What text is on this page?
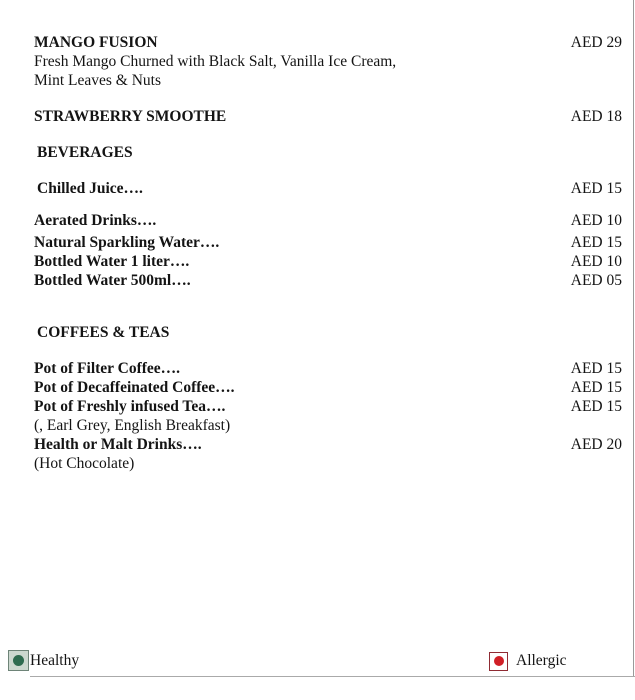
MANGO FUSION	AED 29
Fresh Mango Churned with Black Salt, Vanilla Ice Cream,
Mint Leaves & Nuts
STRAWBERRY SMOOTHE	AED 18
BEVERAGES
Chilled Juice….	AED 15
Aerated Drinks….	AED 10
Natural Sparkling Water….	AED 15
Bottled Water 1 liter….	AED 10
Bottled Water 500ml….	AED 05
COFFEES & TEAS
Pot of Filter Coffee….	AED 15
Pot of Decaffeinated Coffee….	AED 15
Pot of Freshly infused Tea….	AED 15
(, Earl Grey, English Breakfast)
Health or Malt Drinks….	AED 20
(Hot Chocolate)
Healthy	Allergic
